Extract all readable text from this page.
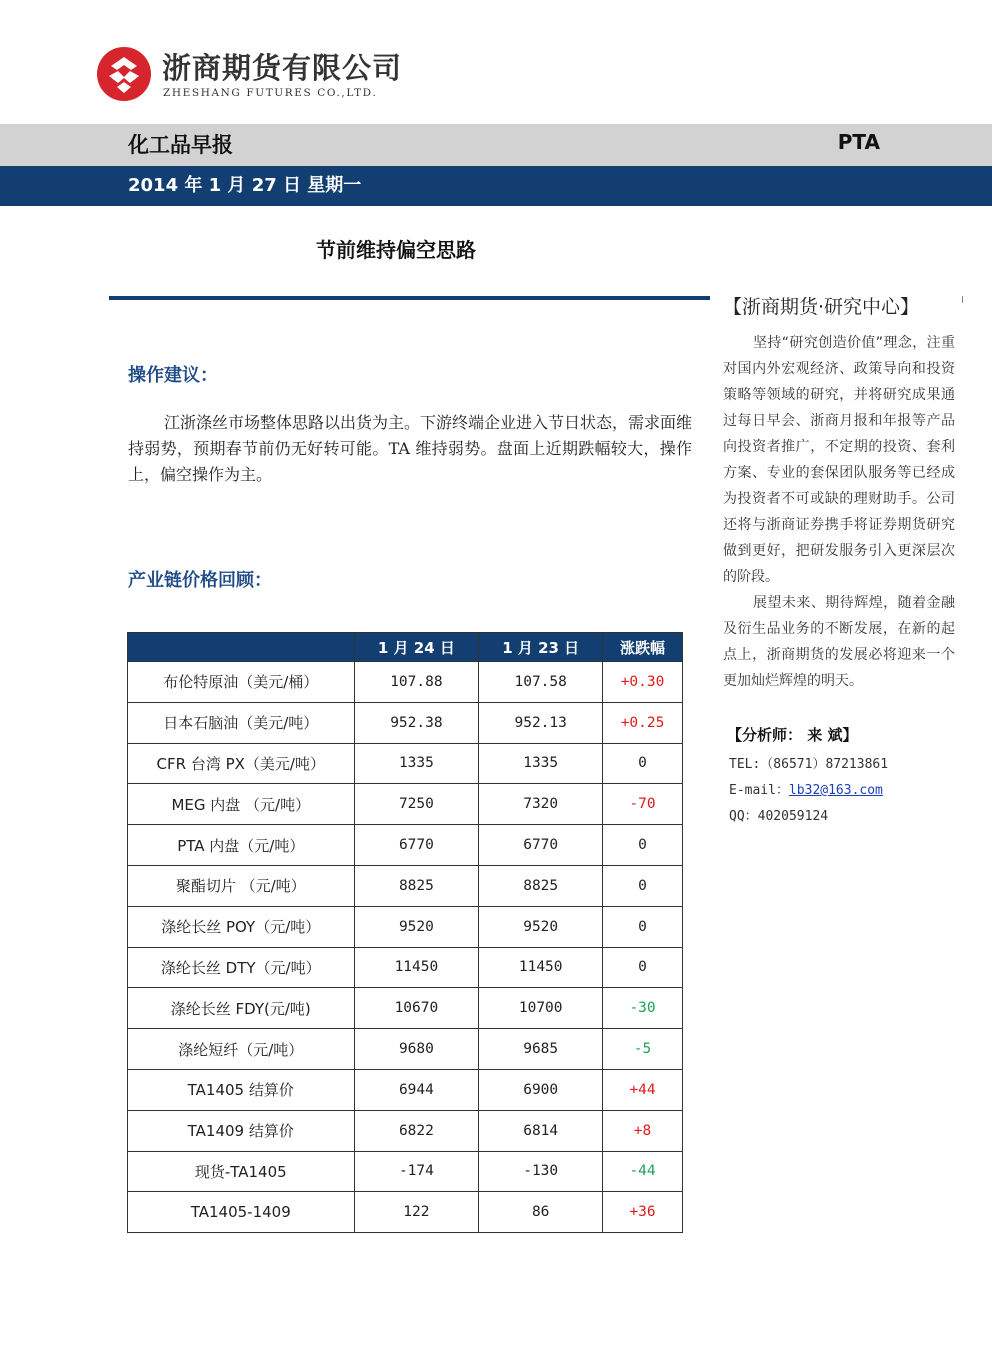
浙商期货有限公司
ZHESHANG FUTURES CO.,LTD.
化工品早报	PTA
2014 年 1 月 27 日 星期一
节前维持偏空思路
操作建议：
江浙涤丝市场整体思路以出货为主。下游终端企业进入节日状态，需求面维持弱势，预期春节前仍无好转可能。TA 维持弱势。盘面上近期跌幅较大，操作上，偏空操作为主。
产业链价格回顾：
	1 月 24 日	1 月 23 日	涨跌幅
布伦特原油（美元/桶）	107.88	107.58	+0.30
日本石脑油（美元/吨）	952.38	952.13	+0.25
CFR 台湾 PX（美元/吨）	1335	1335	0
MEG 内盘 （元/吨）	7250	7320	-70
PTA 内盘（元/吨）	6770	6770	0
聚酯切片 （元/吨）	8825	8825	0
涤纶长丝 POY（元/吨）	9520	9520	0
涤纶长丝 DTY（元/吨）	11450	11450	0
涤纶长丝 FDY(元/吨)	10670	10700	-30
涤纶短纤（元/吨）	9680	9685	-5
TA1405 结算价	6944	6900	+44
TA1409 结算价	6822	6814	+8
现货-TA1405	-174	-130	-44
TA1405-1409	122	86	+36
【浙商期货·研究中心】

坚持“研究创造价值”理念，注重对国内外宏观经济、政策导向和投资策略等领域的研究，并将研究成果通过每日早会、浙商月报和年报等产品向投资者推广，不定期的投资、套利方案、专业的套保团队服务等已经成为投资者不可或缺的理财助手。公司还将与浙商证券携手将证券期货研究做到更好，把研发服务引入更深层次的阶段。

展望未来、期待辉煌，随着金融及衍生品业务的不断发展，在新的起点上，浙商期货的发展必将迎来一个更加灿烂辉煌的明天。

【分析师： 来 斌】
TEL:（86571）87213861
E-mail：lb32@163.com
QQ：402059124
